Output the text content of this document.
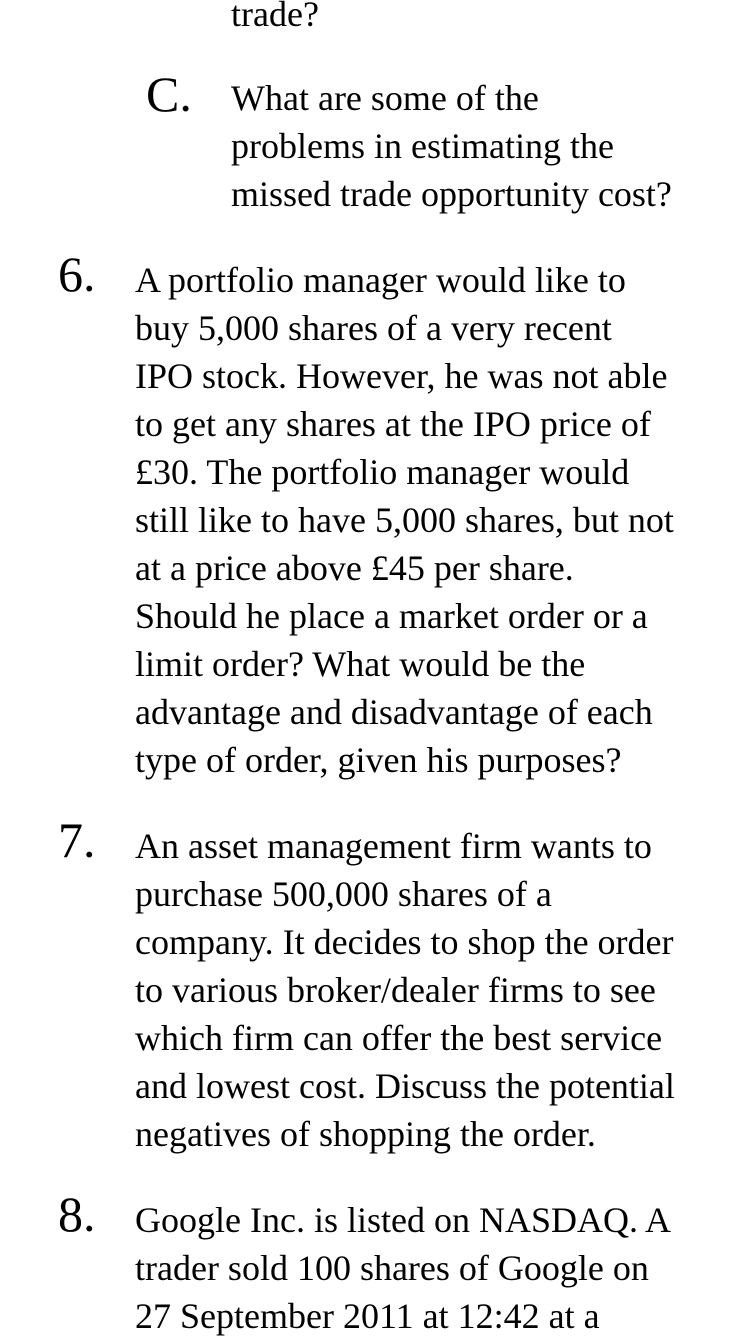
trade?
C. What are some of the
problems in estimating the
missed trade opportunity cost?
6. A portfolio manager would like to
buy 5,000 shares of a very recent
IPO stock. However, he was not able
to get any shares at the IPO price of
£30. The portfolio manager would
still like to have 5,000 shares, but not
at a price above £45 per share.
Should he place a market order or a
limit order? What would be the
advantage and disadvantage of each
type of order, given his purposes?
7. An asset management firm wants to
purchase 500,000 shares of a
company. It decides to shop the order
to various broker/dealer firms to see
which firm can offer the best service
and lowest cost. Discuss the potential
negatives of shopping the order.
8. Google Inc. is listed on NASDAQ. A
trader sold 100 shares of Google on
27 September 2011 at 12:42 at a
